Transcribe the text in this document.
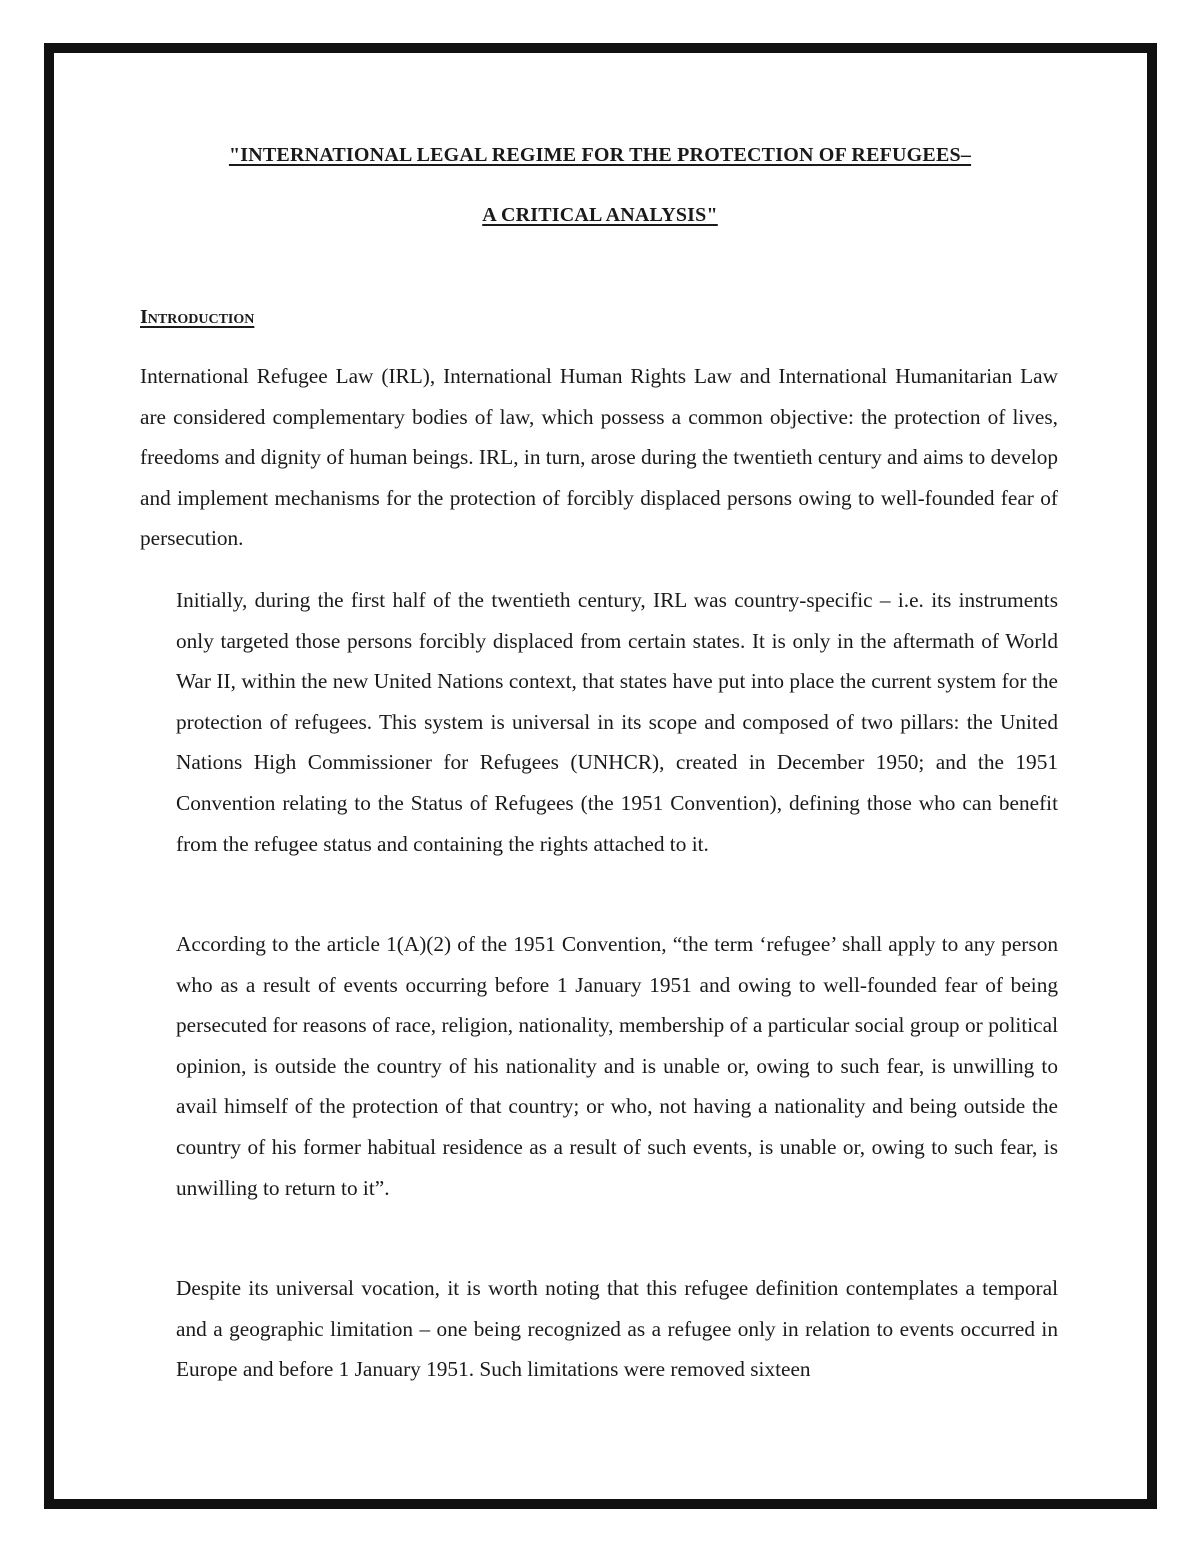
"INTERNATIONAL LEGAL REGIME FOR THE PROTECTION OF REFUGEES–
A CRITICAL ANALYSIS"
Introduction

International Refugee Law (IRL), International Human Rights Law and International Humanitarian Law are considered complementary bodies of law, which possess a common objective: the protection of lives, freedoms and dignity of human beings. IRL, in turn, arose during the twentieth century and aims to develop and implement mechanisms for the protection of forcibly displaced persons owing to well-founded fear of persecution.

Initially, during the first half of the twentieth century, IRL was country-specific – i.e. its instruments only targeted those persons forcibly displaced from certain states. It is only in the aftermath of World War II, within the new United Nations context, that states have put into place the current system for the protection of refugees. This system is universal in its scope and composed of two pillars: the United Nations High Commissioner for Refugees (UNHCR), created in December 1950; and the 1951 Convention relating to the Status of Refugees (the 1951 Convention), defining those who can benefit from the refugee status and containing the rights attached to it.

According to the article 1(A)(2) of the 1951 Convention, “the term ‘refugee’ shall apply to any person who as a result of events occurring before 1 January 1951 and owing to well-founded fear of being persecuted for reasons of race, religion, nationality, membership of a particular social group or political opinion, is outside the country of his nationality and is unable or, owing to such fear, is unwilling to avail himself of the protection of that country; or who, not having a nationality and being outside the country of his former habitual residence as a result of such events, is unable or, owing to such fear, is unwilling to return to it”.

Despite its universal vocation, it is worth noting that this refugee definition contemplates a temporal and a geographic limitation – one being recognized as a refugee only in relation to events occurred in Europe and before 1 January 1951. Such limitations were removed sixteen
